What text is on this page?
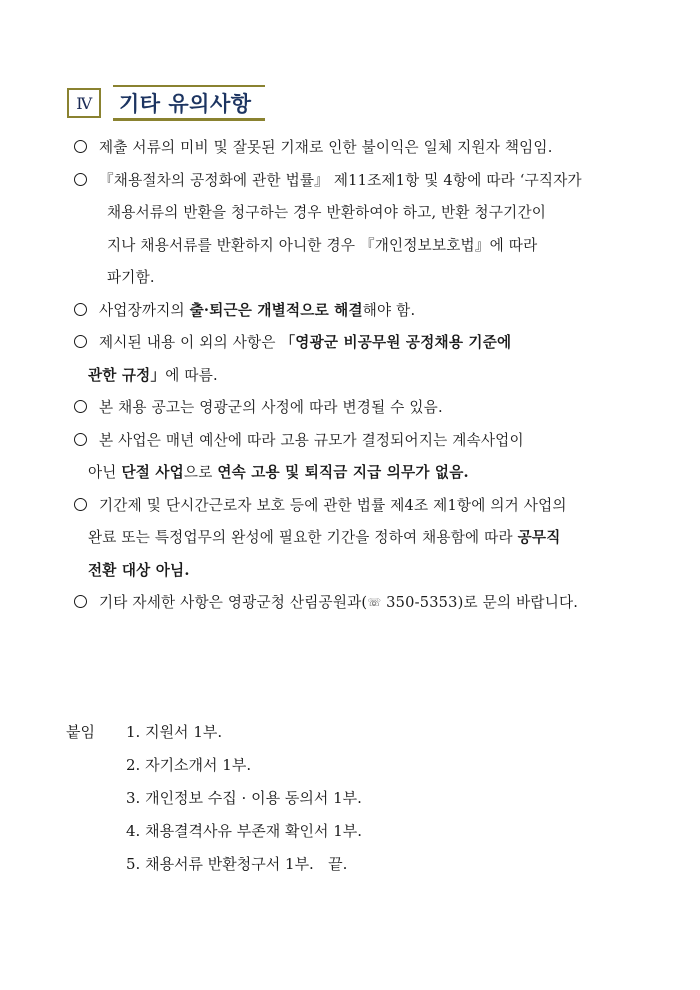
Ⅳ 기타 유의사항
제출 서류의 미비 및 잘못된 기재로 인한 불이익은 일체 지원자 책임임.
『채용절차의 공정화에 관한 법률』 제11조제1항 및 4항에 따라 ‘구직자가
채용서류의 반환을 청구하는 경우 반환하여야 하고, 반환 청구기간이
지나 채용서류를 반환하지 아니한 경우 『개인정보보호법』에 따라
파기함.
사업장까지의 출·퇴근은 개별적으로 해결해야 함.
제시된 내용 이 외의 사항은 「영광군 비공무원 공정채용 기준에
관한 규정」에 따름.
본 채용 공고는 영광군의 사정에 따라 변경될 수 있음.
본 사업은 매년 예산에 따라 고용 규모가 결정되어지는 계속사업이
아닌 단절 사업으로 연속 고용 및 퇴직금 지급 의무가 없음.
기간제 및 단시간근로자 보호 등에 관한 법률 제4조 제1항에 의거 사업의
완료 또는 특정업무의 완성에 필요한 기간을 정하여 채용함에 따라 공무직
전환 대상 아님.
기타 자세한 사항은 영광군청 산림공원과(☏ 350-5353)로 문의 바랍니다.
붙임	1. 지원서 1부.
2. 자기소개서 1부.
3. 개인정보 수집 · 이용 동의서 1부.
4. 채용결격사유 부존재 확인서 1부.
5. 채용서류 반환청구서 1부.   끝.
